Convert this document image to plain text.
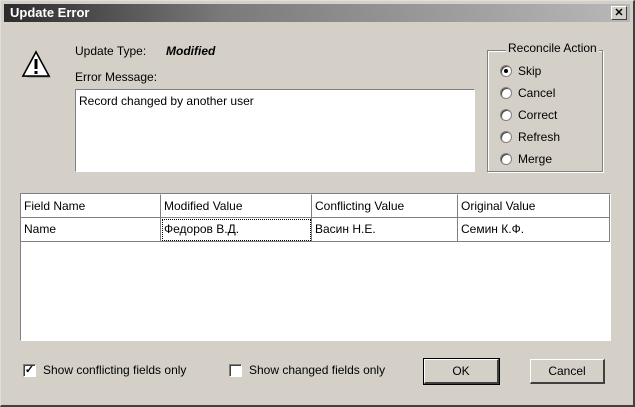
Update Error	✕
Update Type: Modified
Error Message:
Record changed by another user
Reconcile Action
Skip
Cancel
Correct
Refresh
Merge
Field Name	Modified Value	Conflicting Value	Original Value
Name	Федоров В.Д.	Васин Н.Е.	Семин К.Ф.
✓ Show conflicting fields only	Show changed fields only	OK	Cancel
